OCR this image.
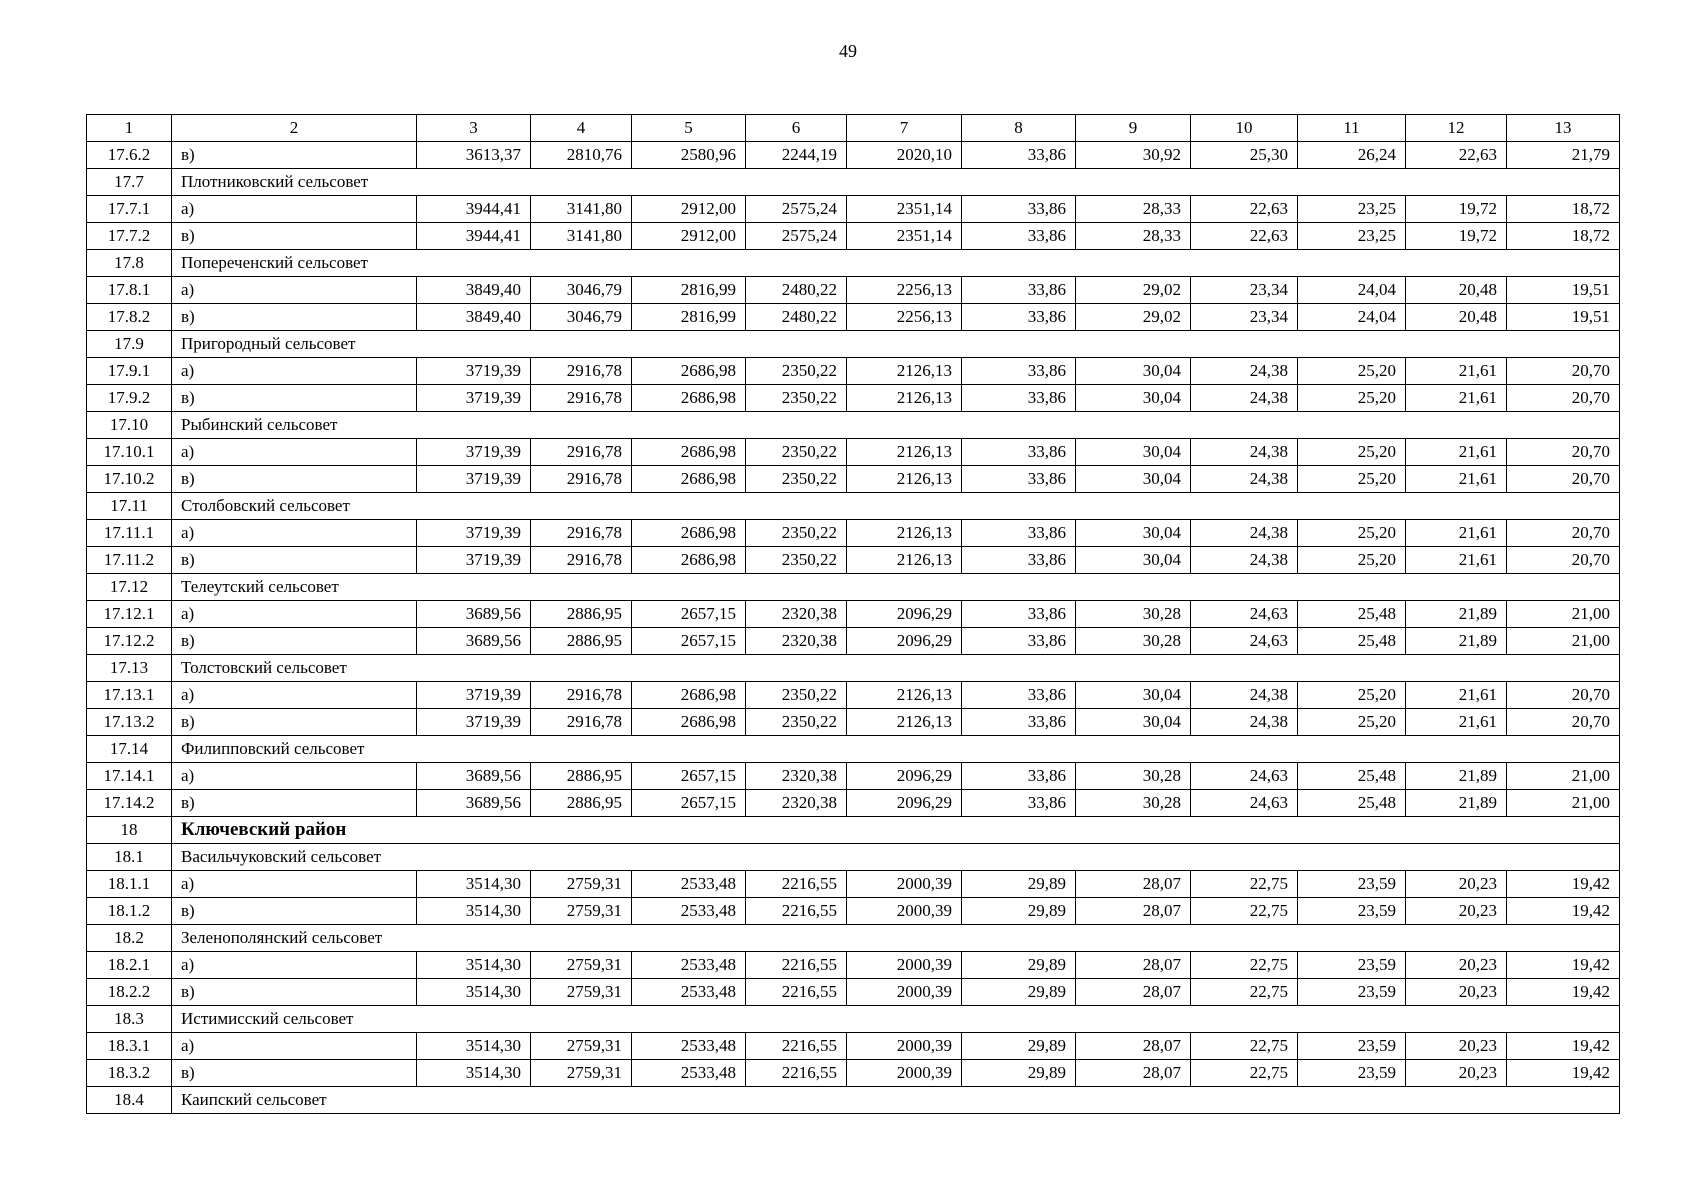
49
1	2	3	4	5	6	7	8	9	10	11	12	13
17.6.2	в)	3613,37	2810,76	2580,96	2244,19	2020,10	33,86	30,92	25,30	26,24	22,63	21,79
17.7	Плотниковский сельсовет											
17.7.1	а)	3944,41	3141,80	2912,00	2575,24	2351,14	33,86	28,33	22,63	23,25	19,72	18,72
17.7.2	в)	3944,41	3141,80	2912,00	2575,24	2351,14	33,86	28,33	22,63	23,25	19,72	18,72
17.8	Поперечeнский сельсовет											
17.8.1	а)	3849,40	3046,79	2816,99	2480,22	2256,13	33,86	29,02	23,34	24,04	20,48	19,51
17.8.2	в)	3849,40	3046,79	2816,99	2480,22	2256,13	33,86	29,02	23,34	24,04	20,48	19,51
17.9	Пригородный сельсовет											
17.9.1	а)	3719,39	2916,78	2686,98	2350,22	2126,13	33,86	30,04	24,38	25,20	21,61	20,70
17.9.2	в)	3719,39	2916,78	2686,98	2350,22	2126,13	33,86	30,04	24,38	25,20	21,61	20,70
17.10	Рыбинский сельсовет											
17.10.1	а)	3719,39	2916,78	2686,98	2350,22	2126,13	33,86	30,04	24,38	25,20	21,61	20,70
17.10.2	в)	3719,39	2916,78	2686,98	2350,22	2126,13	33,86	30,04	24,38	25,20	21,61	20,70
17.11	Столбовский сельсовет											
17.11.1	а)	3719,39	2916,78	2686,98	2350,22	2126,13	33,86	30,04	24,38	25,20	21,61	20,70
17.11.2	в)	3719,39	2916,78	2686,98	2350,22	2126,13	33,86	30,04	24,38	25,20	21,61	20,70
17.12	Телеутский сельсовет											
17.12.1	а)	3689,56	2886,95	2657,15	2320,38	2096,29	33,86	30,28	24,63	25,48	21,89	21,00
17.12.2	в)	3689,56	2886,95	2657,15	2320,38	2096,29	33,86	30,28	24,63	25,48	21,89	21,00
17.13	Толстовский сельсовет											
17.13.1	а)	3719,39	2916,78	2686,98	2350,22	2126,13	33,86	30,04	24,38	25,20	21,61	20,70
17.13.2	в)	3719,39	2916,78	2686,98	2350,22	2126,13	33,86	30,04	24,38	25,20	21,61	20,70
17.14	Филипповский сельсовет											
17.14.1	а)	3689,56	2886,95	2657,15	2320,38	2096,29	33,86	30,28	24,63	25,48	21,89	21,00
17.14.2	в)	3689,56	2886,95	2657,15	2320,38	2096,29	33,86	30,28	24,63	25,48	21,89	21,00
18	Ключевский район											
18.1	Васильчуковский сельсовет											
18.1.1	а)	3514,30	2759,31	2533,48	2216,55	2000,39	29,89	28,07	22,75	23,59	20,23	19,42
18.1.2	в)	3514,30	2759,31	2533,48	2216,55	2000,39	29,89	28,07	22,75	23,59	20,23	19,42
18.2	Зеленополянский сельсовет											
18.2.1	а)	3514,30	2759,31	2533,48	2216,55	2000,39	29,89	28,07	22,75	23,59	20,23	19,42
18.2.2	в)	3514,30	2759,31	2533,48	2216,55	2000,39	29,89	28,07	22,75	23,59	20,23	19,42
18.3	Истимисский сельсовет											
18.3.1	а)	3514,30	2759,31	2533,48	2216,55	2000,39	29,89	28,07	22,75	23,59	20,23	19,42
18.3.2	в)	3514,30	2759,31	2533,48	2216,55	2000,39	29,89	28,07	22,75	23,59	20,23	19,42
18.4	Каипский сельсовет											
